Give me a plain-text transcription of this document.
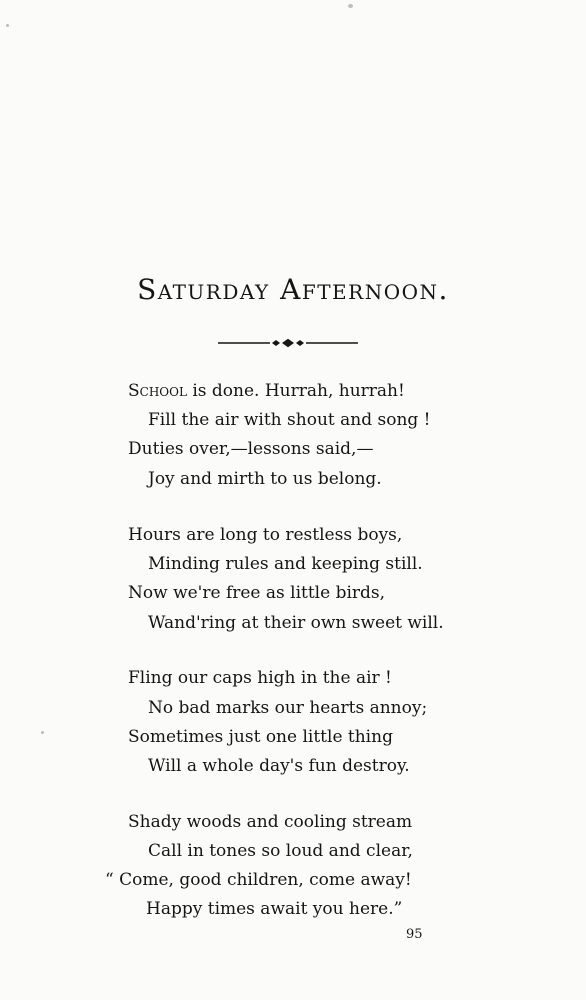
Saturday Afternoon.
School is done. Hurrah, hurrah!
Fill the air with shout and song !
Duties over,—lessons said,—
Joy and mirth to us belong.
Hours are long to restless boys,
Minding rules and keeping still.
Now we're free as little birds,
Wand'ring at their own sweet will.
Fling our caps high in the air !
No bad marks our hearts annoy;
Sometimes just one little thing
Will a whole day's fun destroy.
Shady woods and cooling stream
Call in tones so loud and clear,
“ Come, good children, come away!
Happy times await you here.”
95
